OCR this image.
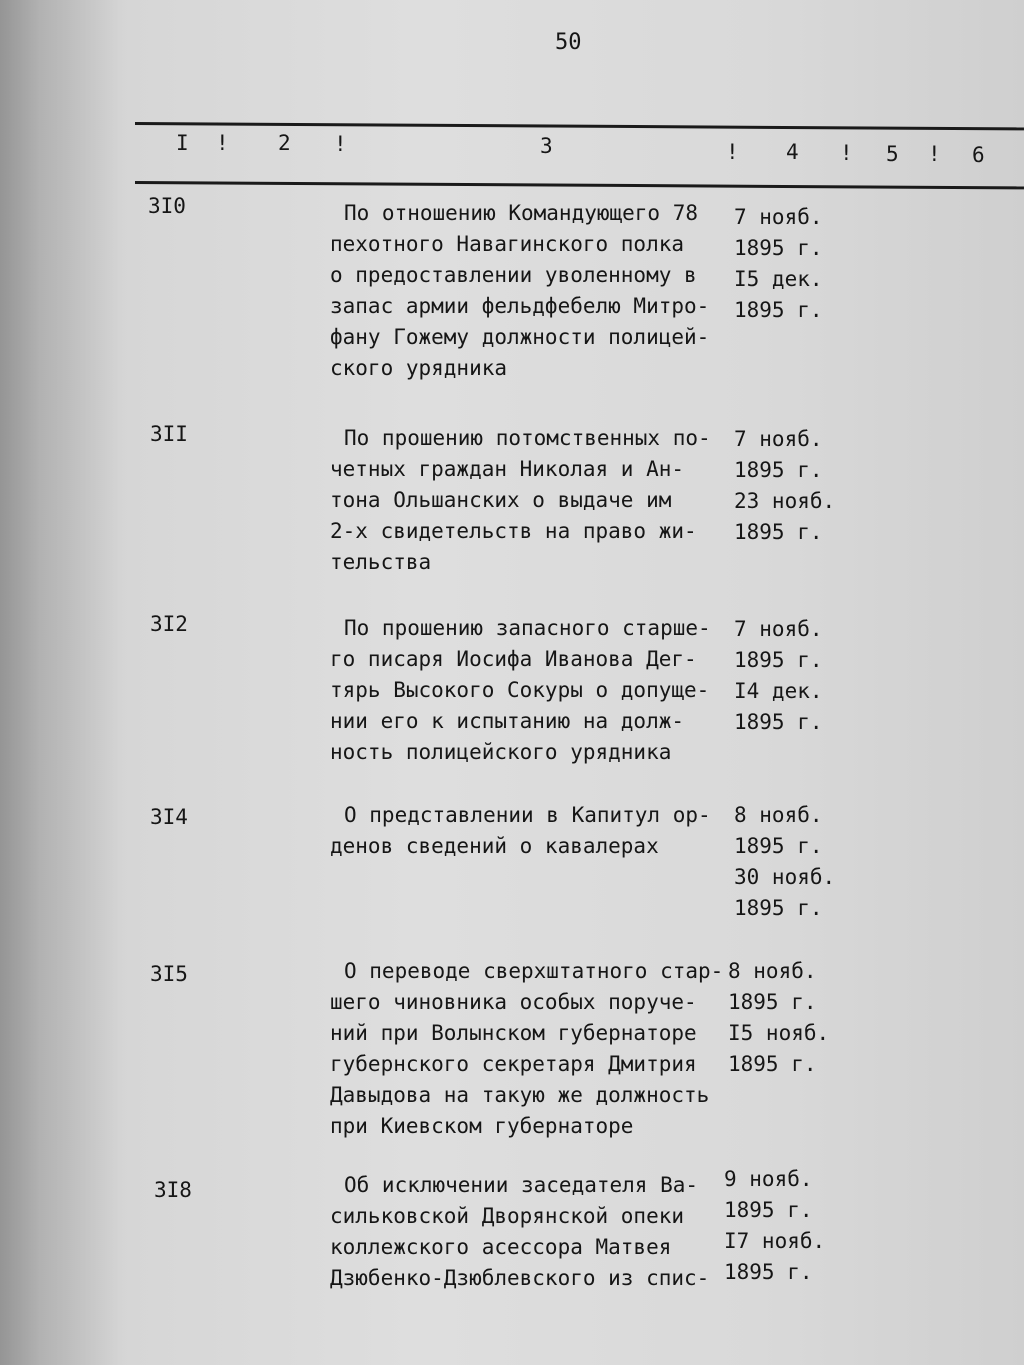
50
I ! 2 !	3	! 4 ! 5 ! 6
3I0	По отношению Командующего 78
пехотного Навагинского полка
о предоставлении уволенному в
запас армии фельдфебелю Митро-
фану Гожему должности полицей-
ского урядника
7 нояб.
1895 г.
I5 дек.
1895 г.
3II	По прошению потомственных по-
четных граждан Николая и Ан-
тона Ольшанских о выдаче им
2-х свидетельств на право жи-
тельства
7 нояб.
1895 г.
23 нояб.
1895 г.
3I2	По прошению запасного старше-
го писаря Иосифа Иванова Дег-
тярь Высокого Сокуры о допуще-
нии его к испытанию на долж-
ность полицейского урядника
7 нояб.
1895 г.
I4 дек.
1895 г.
3I4	О представлении в Капитул ор-
денов сведений о кавалерах
8 нояб.
1895 г.
30 нояб.
1895 г.
3I5	О переводе сверхштатного стар-
шего чиновника особых поруче-
ний при Волынском губернаторе
губернского секретаря Дмитрия
Давыдова на такую же должность
при Киевском губернаторе
8 нояб.
1895 г.
I5 нояб.
1895 г.
3I8	Об исключении заседателя Ва-
сильковской Дворянской опеки
коллежского асессора Матвея
Дзюбенко-Дзюблевского из спис-
9 нояб.
1895 г.
I7 нояб.
1895 г.
